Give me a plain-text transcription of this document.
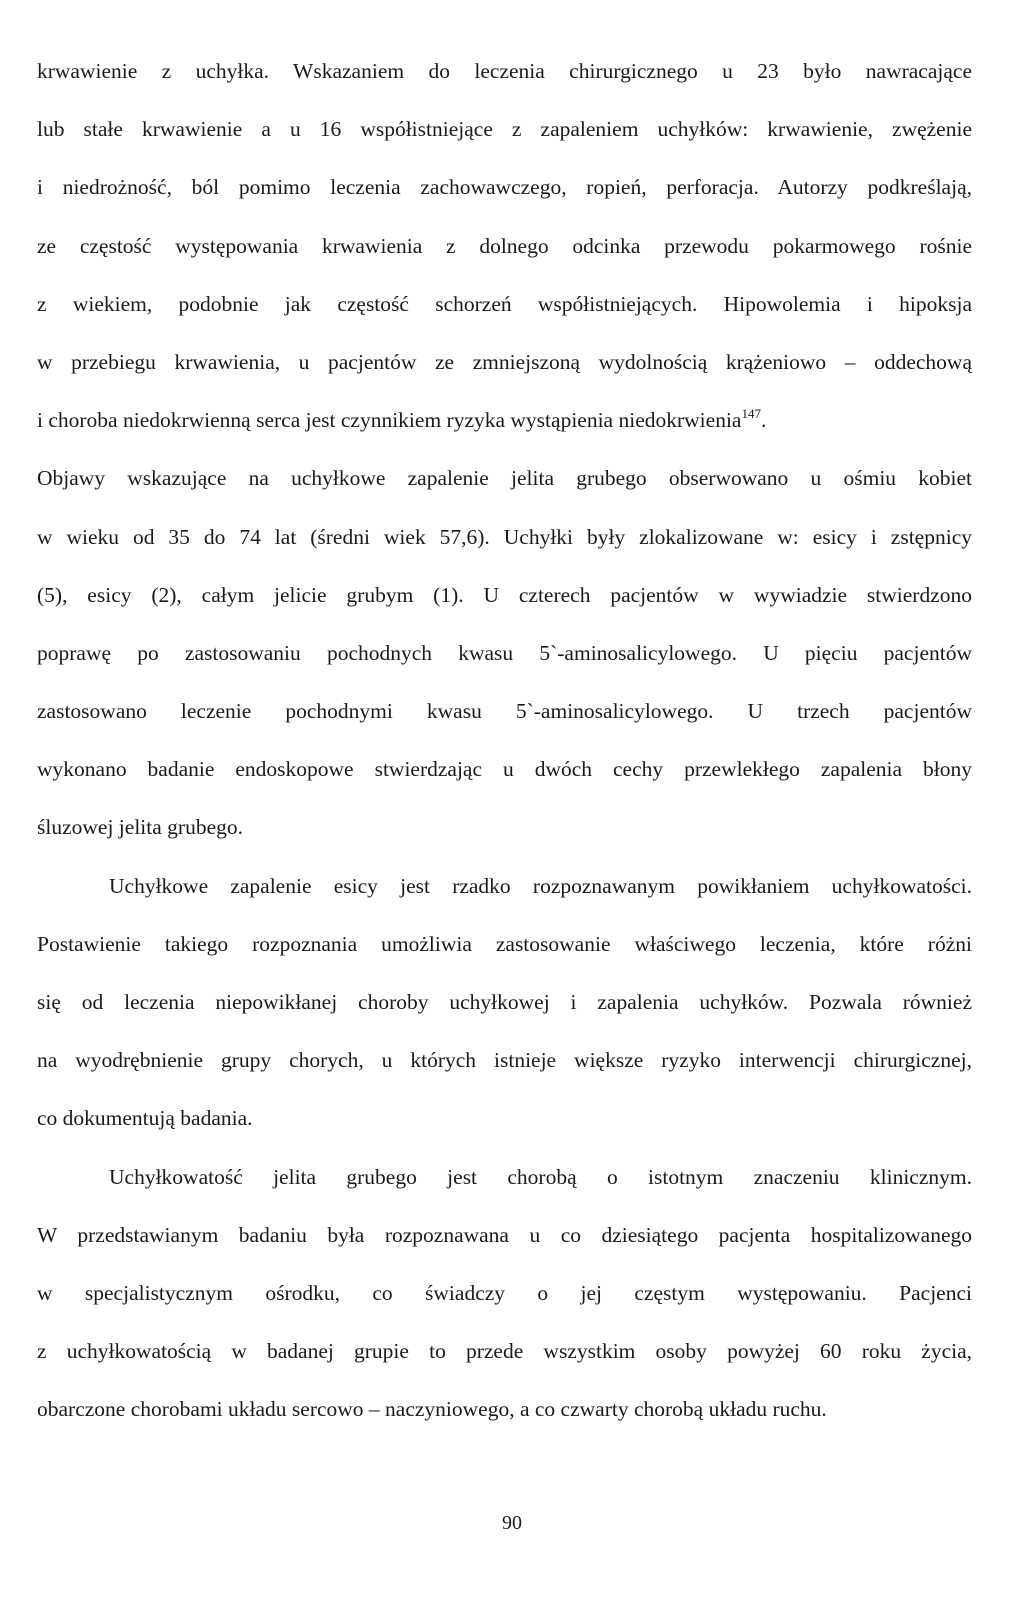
krwawienie z uchyłka. Wskazaniem do leczenia chirurgicznego u 23 było nawracające
lub stałe krwawienie a u 16 współistniejące z zapaleniem uchyłków: krwawienie, zwężenie
i niedrożność, ból pomimo leczenia zachowawczego, ropień, perforacja. Autorzy podkreślają,
ze częstość występowania krwawienia z dolnego odcinka przewodu pokarmowego rośnie
z wiekiem, podobnie jak częstość schorzeń współistniejących. Hipowolemia i hipoksja
w przebiegu krwawienia, u pacjentów ze zmniejszoną wydolnością krążeniowo – oddechową
i choroba niedokrwienną serca jest czynnikiem ryzyka wystąpienia niedokrwienia$^{147}$.
Objawy wskazujące na uchyłkowe zapalenie jelita grubego obserwowano u ośmiu kobiet
w wieku od 35 do 74 lat (średni wiek 57,6). Uchyłki były zlokalizowane w: esicy i zstępnicy
(5), esicy (2), całym jelicie grubym (1). U czterech pacjentów w wywiadzie stwierdzono
poprawę po zastosowaniu pochodnych kwasu 5`-aminosalicylowego. U pięciu pacjentów
zastosowano leczenie pochodnymi kwasu 5`-aminosalicylowego. U trzech pacjentów
wykonano badanie endoskopowe stwierdzając u dwóch cechy przewlekłego zapalenia błony
śluzowej jelita grubego.
Uchyłkowe zapalenie esicy jest rzadko rozpoznawanym powikłaniem uchyłkowatości.
Postawienie takiego rozpoznania umożliwia zastosowanie właściwego leczenia, które różni
się od leczenia niepowikłanej choroby uchyłkowej i zapalenia uchyłków. Pozwala również
na wyodrębnienie grupy chorych, u których istnieje większe ryzyko interwencji chirurgicznej,
co dokumentują badania.
Uchyłkowatość jelita grubego jest chorobą o istotnym znaczeniu klinicznym.
W przedstawianym badaniu była rozpoznawana u co dziesiątego pacjenta hospitalizowanego
w specjalistycznym ośrodku, co świadczy o jej częstym występowaniu. Pacjenci
z uchyłkowatością w badanej grupie to przede wszystkim osoby powyżej 60 roku życia,
obarczone chorobami układu sercowo – naczyniowego, a co czwarty chorobą układu ruchu.
90
